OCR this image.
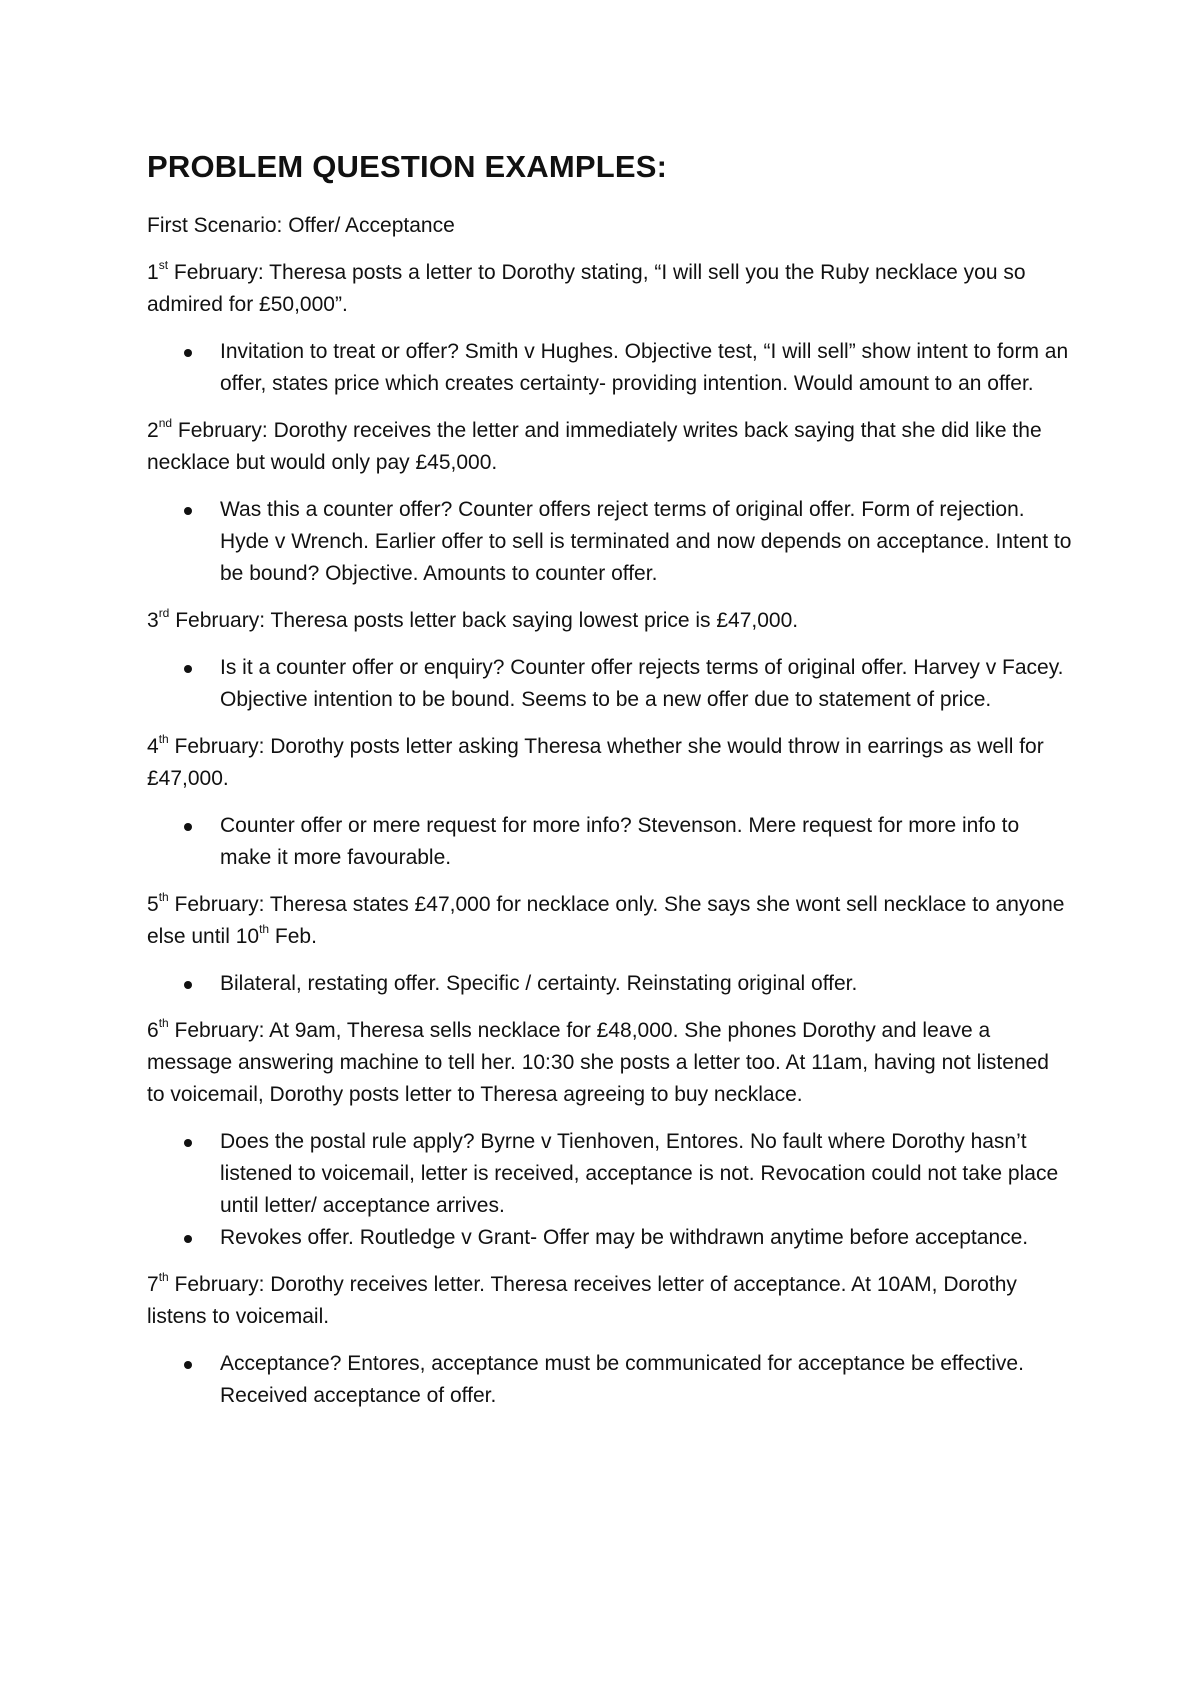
PROBLEM QUESTION EXAMPLES:
First Scenario: Offer/ Acceptance
1st February: Theresa posts a letter to Dorothy stating, “I will sell you the Ruby necklace you so admired for £50,000”.
Invitation to treat or offer? Smith v Hughes. Objective test, “I will sell” show intent to form an offer, states price which creates certainty- providing intention. Would amount to an offer.
2nd February: Dorothy receives the letter and immediately writes back saying that she did like the necklace but would only pay £45,000.
Was this a counter offer? Counter offers reject terms of original offer. Form of rejection. Hyde v Wrench. Earlier offer to sell is terminated and now depends on acceptance. Intent to be bound? Objective. Amounts to counter offer.
3rd February: Theresa posts letter back saying lowest price is £47,000.
Is it a counter offer or enquiry? Counter offer rejects terms of original offer. Harvey v Facey. Objective intention to be bound. Seems to be a new offer due to statement of price.
4th February: Dorothy posts letter asking Theresa whether she would throw in earrings as well for £47,000.
Counter offer or mere request for more info? Stevenson. Mere request for more info to make it more favourable.
5th February: Theresa states £47,000 for necklace only. She says she wont sell necklace to anyone else until 10th Feb.
Bilateral, restating offer. Specific / certainty. Reinstating original offer.
6th February: At 9am, Theresa sells necklace for £48,000. She phones Dorothy and leave a message answering machine to tell her. 10:30 she posts a letter too. At 11am, having not listened to voicemail, Dorothy posts letter to Theresa agreeing to buy necklace.
Does the postal rule apply? Byrne v Tienhoven, Entores. No fault where Dorothy hasn’t listened to voicemail, letter is received, acceptance is not. Revocation could not take place until letter/ acceptance arrives.
Revokes offer. Routledge v Grant- Offer may be withdrawn anytime before acceptance.
7th February: Dorothy receives letter. Theresa receives letter of acceptance. At 10AM, Dorothy listens to voicemail.
Acceptance? Entores, acceptance must be communicated for acceptance be effective. Received acceptance of offer.
